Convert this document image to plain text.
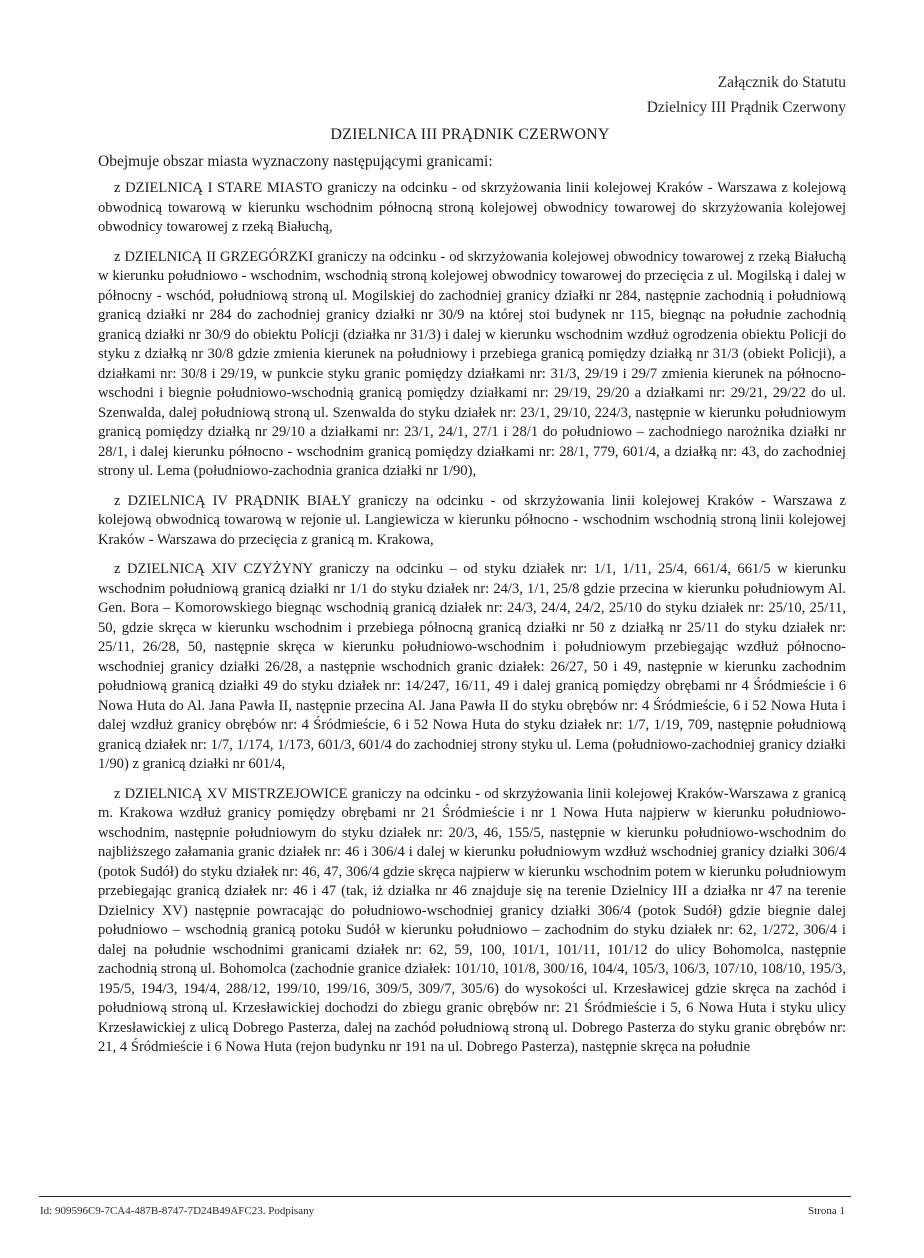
Załącznik do Statutu
Dzielnicy III Prądnik Czerwony
DZIELNICA III PRĄDNIK CZERWONY
Obejmuje obszar miasta wyznaczony następującymi granicami:

z DZIELNICĄ I STARE MIASTO graniczy na odcinku - od skrzyżowania linii kolejowej Kraków - Warszawa z kolejową obwodnicą towarową w kierunku wschodnim północną stroną kolejowej obwodnicy towarowej do skrzyżowania kolejowej obwodnicy towarowej z rzeką Białuchą,

z DZIELNICĄ II GRZEGÓRZKI graniczy na odcinku - od skrzyżowania kolejowej obwodnicy towarowej z rzeką Białuchą w kierunku południowo - wschodnim, wschodnią stroną kolejowej obwodnicy towarowej do przecięcia z ul. Mogilską i dalej w północny - wschód, południową stroną ul. Mogilskiej do zachodniej granicy działki nr 284, następnie zachodnią i południową granicą działki nr 284 do zachodniej granicy działki nr 30/9 na której stoi budynek nr 115, biegnąc na południe zachodnią granicą działki nr 30/9 do obiektu Policji (działka nr 31/3) i dalej w kierunku wschodnim wzdłuż ogrodzenia obiektu Policji do styku z działką nr 30/8 gdzie zmienia kierunek na południowy i przebiega granicą pomiędzy działką nr 31/3 (obiekt Policji), a działkami nr: 30/8 i 29/19, w punkcie styku granic pomiędzy działkami nr: 31/3, 29/19 i 29/7 zmienia kierunek na północno-wschodni i biegnie południowo-wschodnią granicą pomiędzy działkami nr: 29/19, 29/20 a działkami nr: 29/21, 29/22 do ul. Szenwalda, dalej południową stroną ul. Szenwalda do styku działek nr: 23/1, 29/10, 224/3, następnie w kierunku południowym granicą pomiędzy działką nr 29/10 a działkami nr: 23/1, 24/1, 27/1 i 28/1 do południowo – zachodniego narożnika działki nr 28/1, i dalej kierunku północno - wschodnim granicą pomiędzy działkami nr: 28/1, 779, 601/4, a działką nr: 43, do zachodniej strony ul. Lema (południowo-zachodnia granica działki nr 1/90),

z DZIELNICĄ IV PRĄDNIK BIAŁY graniczy na odcinku - od skrzyżowania linii kolejowej Kraków - Warszawa z kolejową obwodnicą towarową w rejonie ul. Langiewicza w kierunku północno - wschodnim wschodnią stroną linii kolejowej Kraków - Warszawa do przecięcia z granicą m. Krakowa,

z DZIELNICĄ XIV CZYŻYNY graniczy na odcinku – od styku działek nr: 1/1, 1/11, 25/4, 661/4, 661/5 w kierunku wschodnim południową granicą działki nr 1/1 do styku działek nr: 24/3, 1/1, 25/8 gdzie przecina w kierunku południowym Al. Gen. Bora – Komorowskiego biegnąc wschodnią granicą działek nr: 24/3, 24/4, 24/2, 25/10 do styku działek nr: 25/10, 25/11, 50, gdzie skręca w kierunku wschodnim i przebiega północną granicą działki nr 50 z działką nr 25/11 do styku działek nr: 25/11, 26/28, 50, następnie skręca w kierunku południowo-wschodnim i południowym przebiegając wzdłuż północno-wschodniej granicy działki 26/28, a następnie wschodnich granic działek: 26/27, 50 i 49, następnie w kierunku zachodnim południową granicą działki 49 do styku działek nr: 14/247, 16/11, 49 i dalej granicą pomiędzy obrębami nr 4 Śródmieście i 6 Nowa Huta do Al. Jana Pawła II, następnie przecina Al. Jana Pawła II do styku obrębów nr: 4 Śródmieście, 6 i 52 Nowa Huta i dalej wzdłuż granicy obrębów nr: 4 Śródmieście, 6 i 52 Nowa Huta do styku działek nr: 1/7, 1/19, 709, następnie południową granicą działek nr: 1/7, 1/174, 1/173, 601/3, 601/4 do zachodniej strony styku ul. Lema (południowo-zachodniej granicy działki 1/90) z granicą działki nr 601/4,

z DZIELNICĄ XV MISTRZEJOWICE graniczy na odcinku - od skrzyżowania linii kolejowej Kraków-Warszawa z granicą m. Krakowa wzdłuż granicy pomiędzy obrębami nr 21 Śródmieście i nr 1 Nowa Huta najpierw w kierunku południowo-wschodnim, następnie południowym do styku działek nr: 20/3, 46, 155/5, następnie w kierunku południowo-wschodnim do najbliższego załamania granic działek nr: 46 i 306/4 i dalej w kierunku południowym wzdłuż wschodniej granicy działki 306/4 (potok Sudół) do styku działek nr: 46, 47, 306/4 gdzie skręca najpierw w kierunku wschodnim potem w kierunku południowym przebiegając granicą działek nr: 46 i 47 (tak, iż działka nr 46 znajduje się na terenie Dzielnicy III a działka nr 47 na terenie Dzielnicy XV) następnie powracając do południowo-wschodniej granicy działki 306/4 (potok Sudół) gdzie biegnie dalej południowo – wschodnią granicą potoku Sudół w kierunku południowo – zachodnim do styku działek nr: 62, 1/272, 306/4 i dalej na południe wschodnimi granicami działek nr: 62, 59, 100, 101/1, 101/11, 101/12 do ulicy Bohomolca, następnie zachodnią stroną ul. Bohomolca (zachodnie granice działek: 101/10, 101/8, 300/16, 104/4, 105/3, 106/3, 107/10, 108/10, 195/3, 195/5, 194/3, 194/4, 288/12, 199/10, 199/16, 309/5, 309/7, 305/6) do wysokości ul. Krzesławicej gdzie skręca na zachód i południową stroną ul. Krzesławickiej dochodzi do zbiegu granic obrębów nr: 21 Śródmieście i 5, 6 Nowa Huta i styku ulicy Krzesławickiej z ulicą Dobrego Pasterza, dalej na zachód południową stroną ul. Dobrego Pasterza do styku granic obrębów nr: 21, 4 Śródmieście i 6 Nowa Huta (rejon budynku nr 191 na ul. Dobrego Pasterza), następnie skręca na południe

Id: 909596C9-7CA4-487B-8747-7D24B49AFC23. Podpisany	Strona 1
